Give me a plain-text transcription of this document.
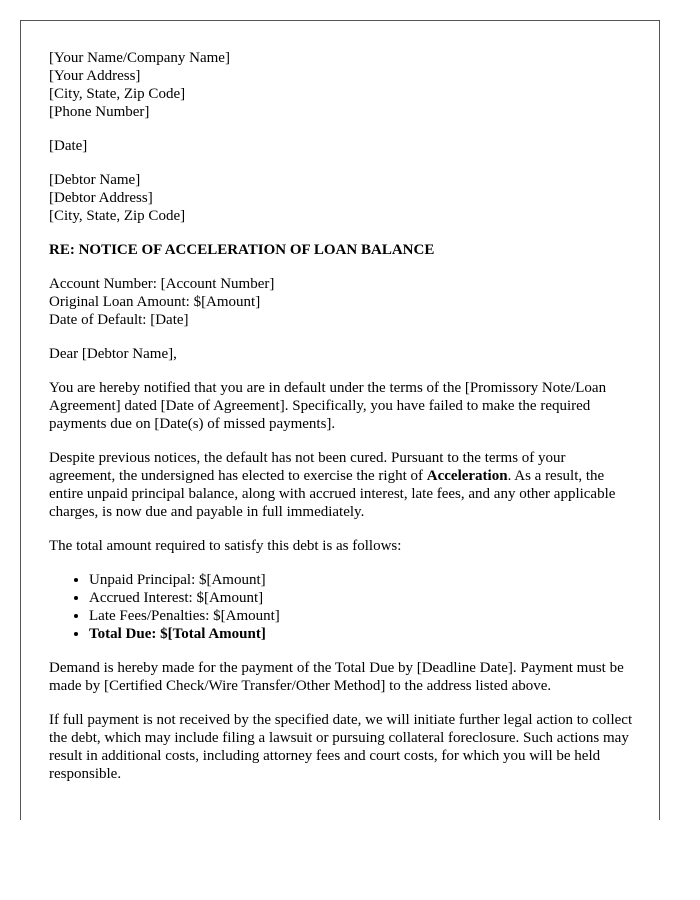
[Your Name/Company Name]
[Your Address]
[City, State, Zip Code]
[Phone Number]
[Date]
[Debtor Name]
[Debtor Address]
[City, State, Zip Code]
RE: NOTICE OF ACCELERATION OF LOAN BALANCE
Account Number: [Account Number]
Original Loan Amount: $[Amount]
Date of Default: [Date]

Dear [Debtor Name],

You are hereby notified that you are in default under the terms of the [Promissory Note/Loan Agreement] dated [Date of Agreement]. Specifically, you have failed to make the required payments due on [Date(s) of missed payments].

Despite previous notices, the default has not been cured. Pursuant to the terms of your agreement, the undersigned has elected to exercise the right of Acceleration. As a result, the entire unpaid principal balance, along with accrued interest, late fees, and any other applicable charges, is now due and payable in full immediately.

The total amount required to satisfy this debt is as follows:

• Unpaid Principal: $[Amount]
• Accrued Interest: $[Amount]
• Late Fees/Penalties: $[Amount]
• Total Due: $[Total Amount]

Demand is hereby made for the payment of the Total Due by [Deadline Date]. Payment must be made by [Certified Check/Wire Transfer/Other Method] to the address listed above.

If full payment is not received by the specified date, we will initiate further legal action to collect the debt, which may include filing a lawsuit or pursuing collateral foreclosure. Such actions may result in additional costs, including attorney fees and court costs, for which you will be held responsible.
